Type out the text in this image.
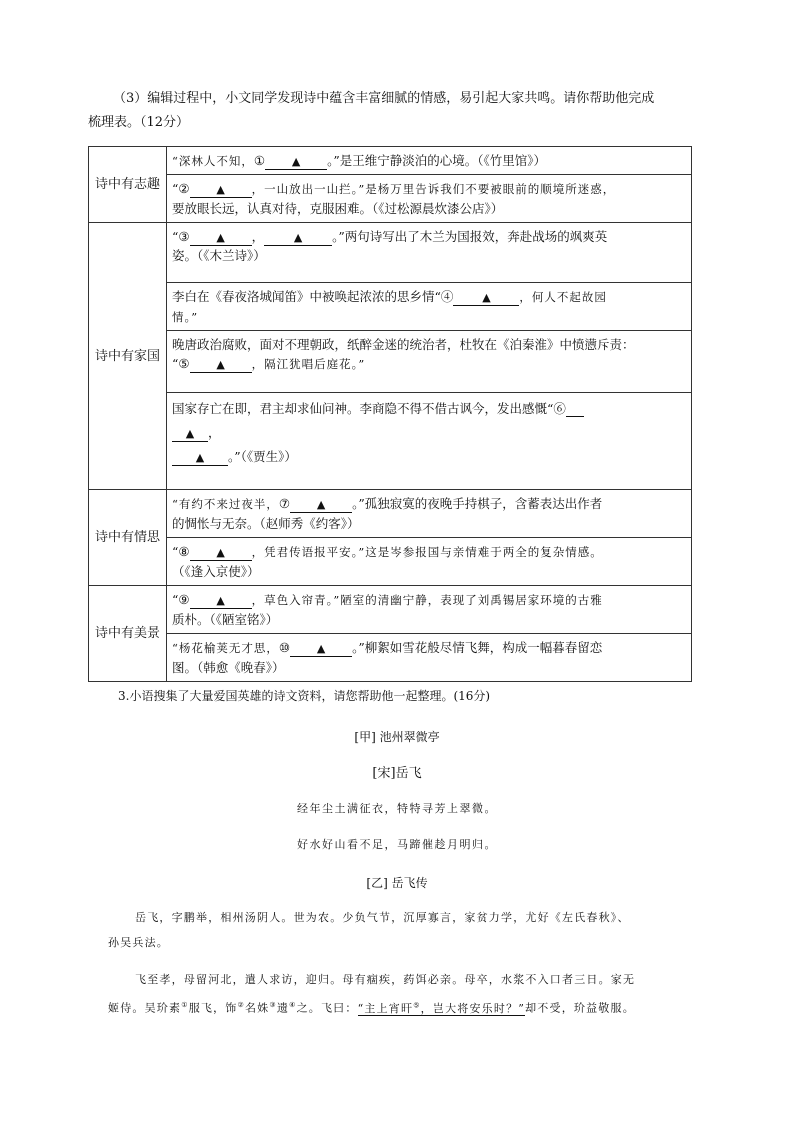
（3）编辑过程中，小文同学发现诗中蕴含丰富细腻的情感，易引起大家共鸣。请你帮助他完成
梳理表。（12分）
诗中有志趣	“深林人不知，① ▲ 。”是王维宁静淡泊的心境。（《竹里馆》）
	“② ▲ ，一山放出一山拦。”是杨万里告诉我们不要被眼前的顺境所迷惑，
要放眼长远，认真对待，克服困难。（《过松源晨炊漆公店》）
诗中有家国	“③ ▲ ， ▲ 。”两句诗写出了木兰为国报效，奔赴战场的飒爽英
姿。（《木兰诗》）
	李白在《春夜洛城闻笛》中被唤起浓浓的思乡情“④ ▲ ，何人不起故园
情。”
	晚唐政治腐败，面对不理朝政，纸醉金迷的统治者，杜牧在《泊秦淮》中愤懑斥责：
“⑤ ▲ ，隔江犹唱后庭花。”
	国家存亡在即，君主却求仙问神。李商隐不得不借古讽今，发出感慨“⑥
▲ ，
▲ 。”（《贾生》）
诗中有情思	“有约不来过夜半，⑦ ▲ 。”孤独寂寞的夜晚手持棋子，含蓄表达出作者
的惆怅与无奈。（赵师秀《约客》）
	“⑧ ▲ ，凭君传语报平安。”这是岑参报国与亲情难于两全的复杂情感。
（《逢入京使》）
诗中有美景	“⑨ ▲ ，草色入帘青。”陋室的清幽宁静，表现了刘禹锡居家环境的古雅
质朴。（《陋室铭》）
	“杨花榆荚无才思，⑩ ▲ 。”柳絮如雪花般尽情飞舞，构成一幅暮春留恋
图。（韩愈《晚春》）
3.小语搜集了大量爱国英雄的诗文资料，请您帮助他一起整理。(16分)
[甲] 池州翠微亭
[宋]岳飞
经年尘土满征衣，特特寻芳上翠微。
好水好山看不足，马蹄催趁月明归。
[乙] 岳飞传
岳飞，字鹏举，相州汤阴人。世为农。少负气节，沉厚寡言，家贫力学，尤好《左氏春秋》、
孙吴兵法。
飞至孝，母留河北，遣人求访，迎归。母有痼疾，药饵必亲。母卒，水浆不入口者三日。家无
姬侍。吴玠素①服飞，饰②名姝③遗④之。飞曰：“主上宵旰⑤，岂大将安乐时？”却不受，玠益敬服。
